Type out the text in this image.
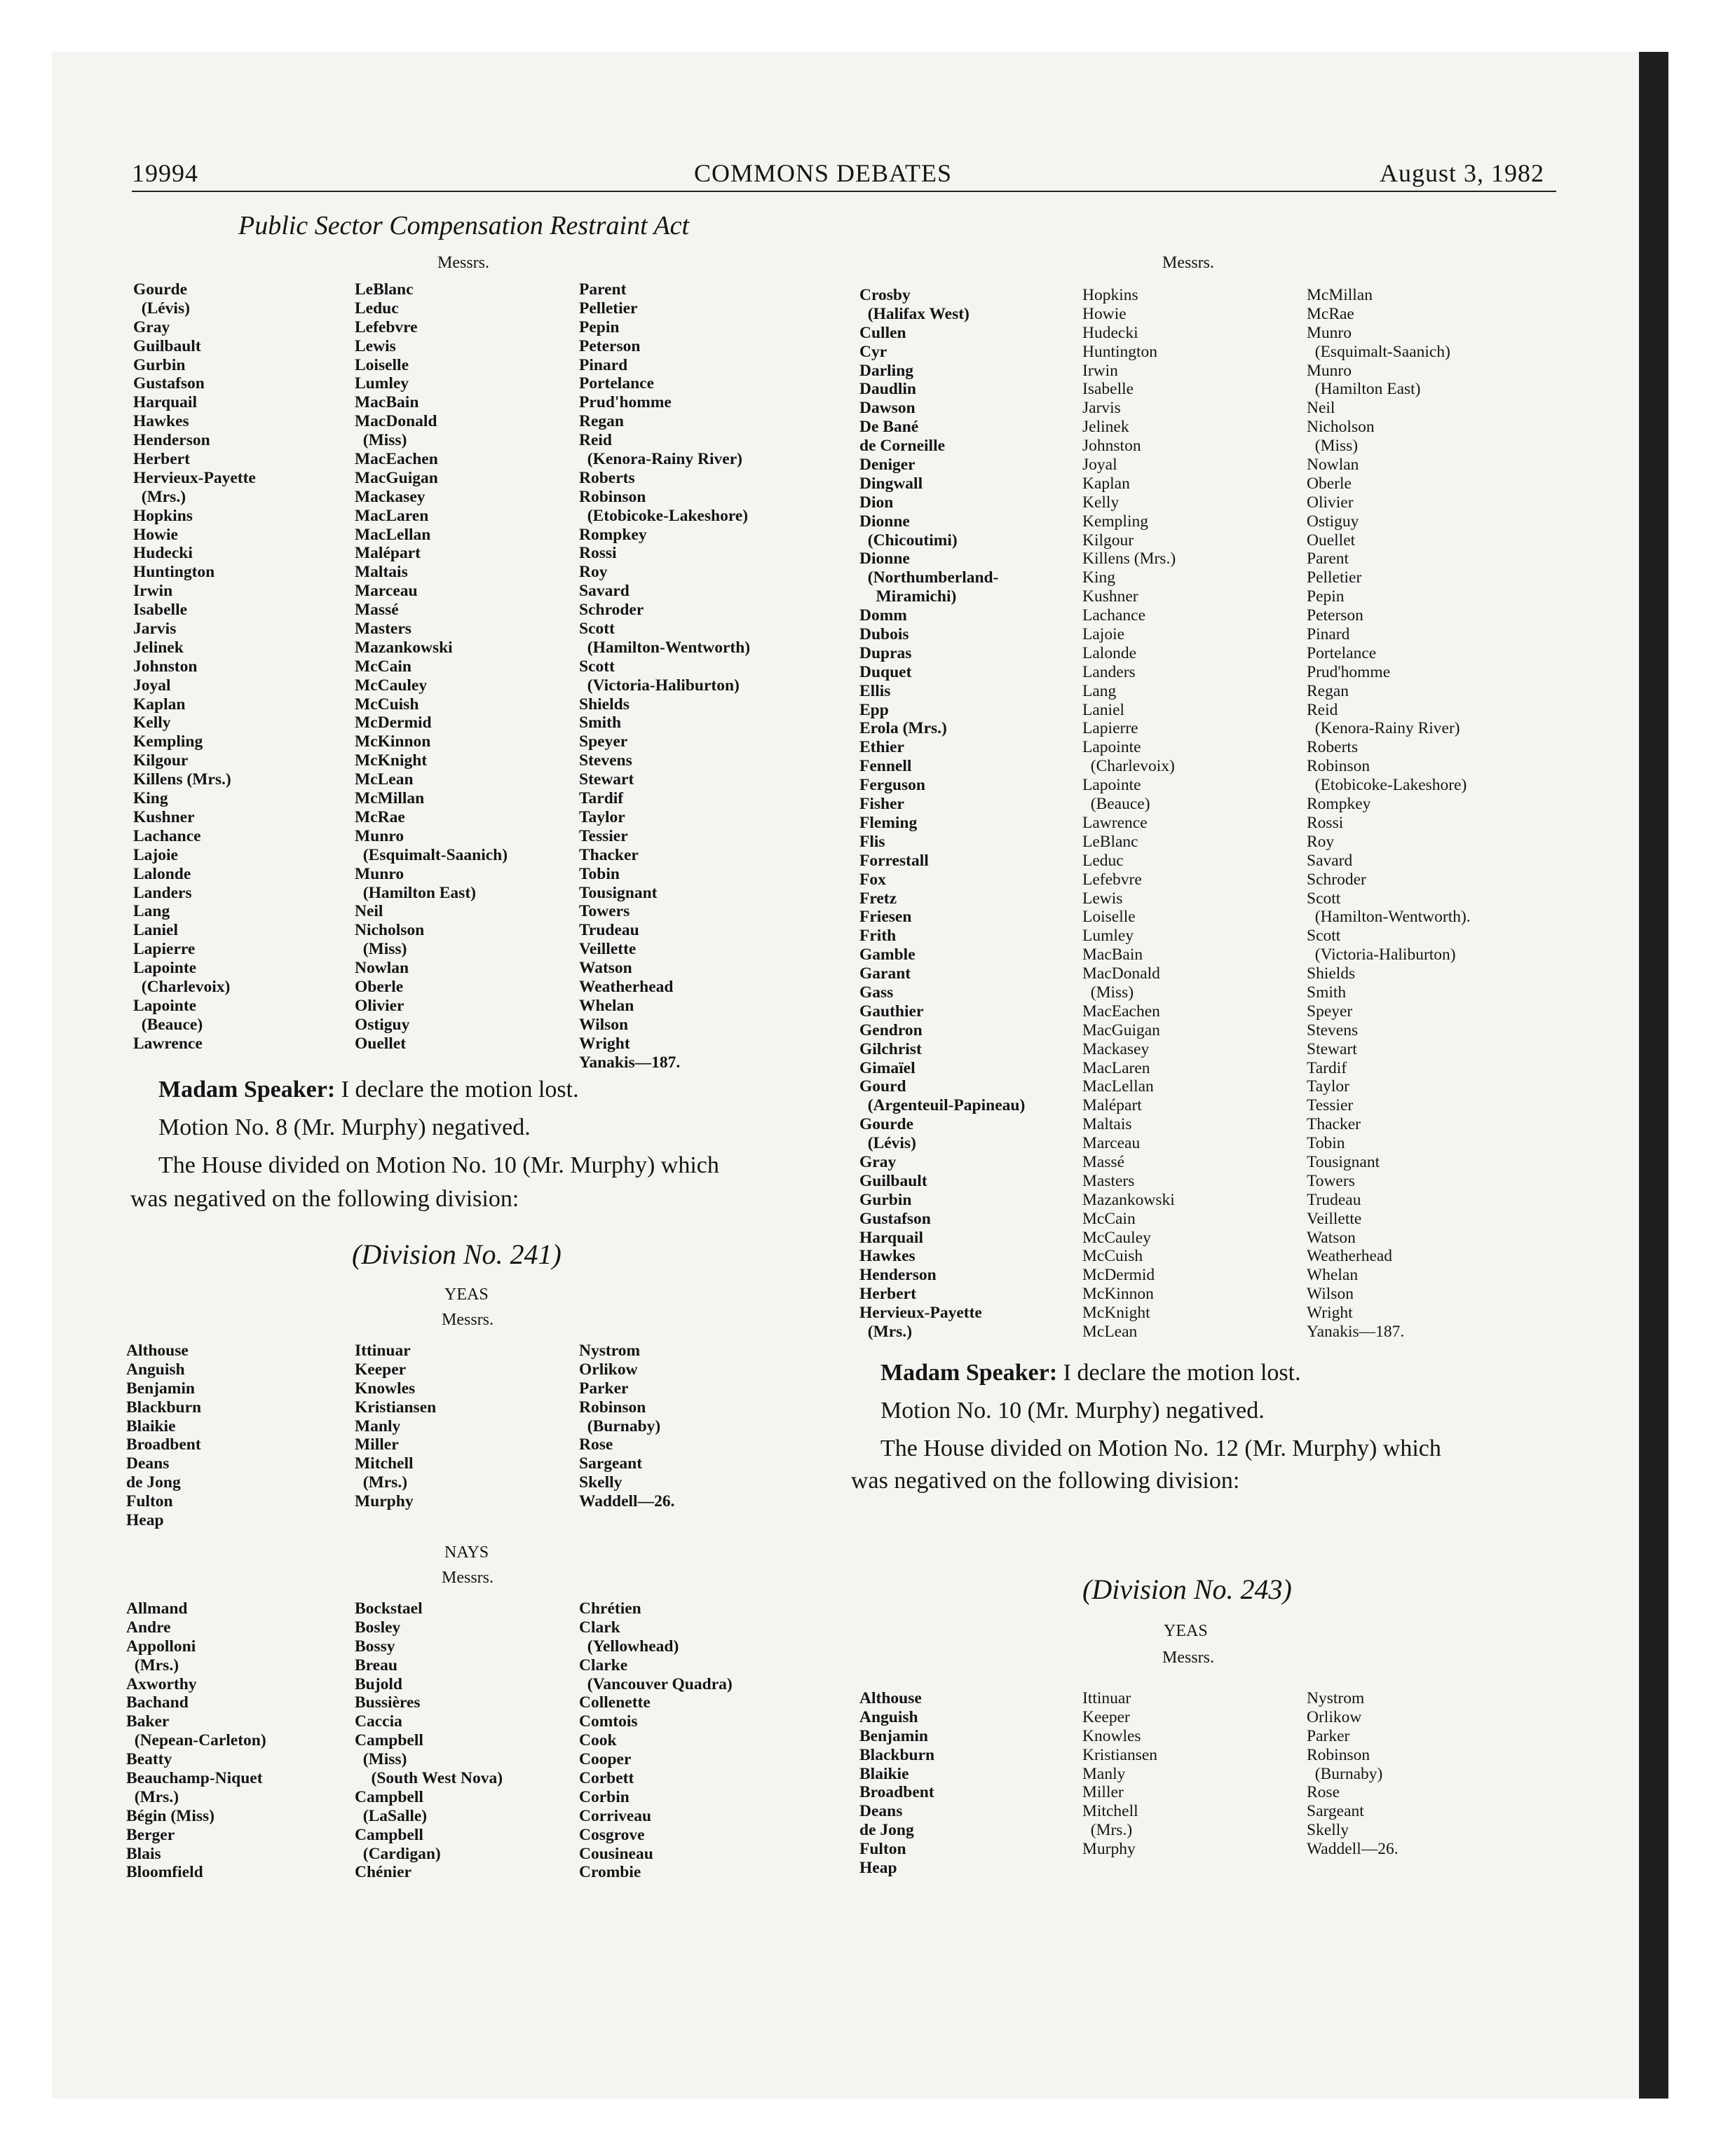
19994	COMMONS DEBATES	August 3, 1982
Public Sector Compensation Restraint Act
Messrs.
Gourde
(Lévis)
Gray
Guilbault
Gurbin
Gustafson
Harquail
Hawkes
Henderson
Herbert
Hervieux-Payette
(Mrs.)
Hopkins
Howie
Hudecki
Huntington
Irwin
Isabelle
Jarvis
Jelinek
Johnston
Joyal
Kaplan
Kelly
Kempling
Kilgour
Killens (Mrs.)
King
Kushner
Lachance
Lajoie
Lalonde
Landers
Lang
Laniel
Lapierre
Lapointe
(Charlevoix)
Lapointe
(Beauce)
Lawrence
LeBlanc
Leduc
Lefebvre
Lewis
Loiselle
Lumley
MacBain
MacDonald
(Miss)
MacEachen
MacGuigan
Mackasey
MacLaren
MacLellan
Malépart
Maltais
Marceau
Massé
Masters
Mazankowski
McCain
McCauley
McCuish
McDermid
McKinnon
McKnight
McLean
McMillan
McRae
Munro
(Esquimalt-Saanich)
Munro
(Hamilton East)
Neil
Nicholson
(Miss)
Nowlan
Oberle
Olivier
Ostiguy
Ouellet
Parent
Pelletier
Pepin
Peterson
Pinard
Portelance
Prud'homme
Regan
Reid
(Kenora-Rainy River)
Roberts
Robinson
(Etobicoke-Lakeshore)
Rompkey
Rossi
Roy
Savard
Schroder
Scott
(Hamilton-Wentworth)
Scott
(Victoria-Haliburton)
Shields
Smith
Speyer
Stevens
Stewart
Tardif
Taylor
Tessier
Thacker
Tobin
Tousignant
Towers
Trudeau
Veillette
Watson
Weatherhead
Whelan
Wilson
Wright
Yanakis—187.
Madam Speaker: I declare the motion lost.
Motion No. 8 (Mr. Murphy) negatived.
The House divided on Motion No. 10 (Mr. Murphy) which
was negatived on the following division:
(Division No. 241)
YEAS
Messrs.
Althouse
Anguish
Benjamin
Blackburn
Blaikie
Broadbent
Deans
de Jong
Fulton
Heap
Ittinuar
Keeper
Knowles
Kristiansen
Manly
Miller
Mitchell
(Mrs.)
Murphy
Nystrom
Orlikow
Parker
Robinson
(Burnaby)
Rose
Sargeant
Skelly
Waddell—26.
NAYS
Messrs.
Allmand
Andre
Appolloni
(Mrs.)
Axworthy
Bachand
Baker
(Nepean-Carleton)
Beatty
Beauchamp-Niquet
(Mrs.)
Bégin (Miss)
Berger
Blais
Bloomfield
Bockstael
Bosley
Bossy
Breau
Bujold
Bussières
Caccia
Campbell
(Miss)
(South West Nova)
Campbell
(LaSalle)
Campbell
(Cardigan)
Chénier
Chrétien
Clark
(Yellowhead)
Clarke
(Vancouver Quadra)
Collenette
Comtois
Cook
Cooper
Corbett
Corbin
Corriveau
Cosgrove
Cousineau
Crombie
Messrs.
Crosby
(Halifax West)
Cullen
Cyr
Darling
Daudlin
Dawson
De Bané
de Corneille
Deniger
Dingwall
Dion
Dionne
(Chicoutimi)
Dionne
(Northumberland-
Miramichi)
Domm
Dubois
Dupras
Duquet
Ellis
Epp
Erola (Mrs.)
Ethier
Fennell
Ferguson
Fisher
Fleming
Flis
Forrestall
Fox
Fretz
Friesen
Frith
Gamble
Garant
Gass
Gauthier
Gendron
Gilchrist
Gimaïel
Gourd
(Argenteuil-Papineau)
Gourde
(Lévis)
Gray
Guilbault
Gurbin
Gustafson
Harquail
Hawkes
Henderson
Herbert
Hervieux-Payette
(Mrs.)
Hopkins
Howie
Hudecki
Huntington
Irwin
Isabelle
Jarvis
Jelinek
Johnston
Joyal
Kaplan
Kelly
Kempling
Kilgour
Killens (Mrs.)
King
Kushner
Lachance
Lajoie
Lalonde
Landers
Lang
Laniel
Lapierre
Lapointe
(Charlevoix)
Lapointe
(Beauce)
Lawrence
LeBlanc
Leduc
Lefebvre
Lewis
Loiselle
Lumley
MacBain
MacDonald
(Miss)
MacEachen
MacGuigan
Mackasey
MacLaren
MacLellan
Malépart
Maltais
Marceau
Massé
Masters
Mazankowski
McCain
McCauley
McCuish
McDermid
McKinnon
McKnight
McLean
McMillan
McRae
Munro
(Esquimalt-Saanich)
Munro
(Hamilton East)
Neil
Nicholson
(Miss)
Nowlan
Oberle
Olivier
Ostiguy
Ouellet
Parent
Pelletier
Pepin
Peterson
Pinard
Portelance
Prud'homme
Regan
Reid
(Kenora-Rainy River)
Roberts
Robinson
(Etobicoke-Lakeshore)
Rompkey
Rossi
Roy
Savard
Schroder
Scott
(Hamilton-Wentworth).
Scott
(Victoria-Haliburton)
Shields
Smith
Speyer
Stevens
Stewart
Tardif
Taylor
Tessier
Thacker
Tobin
Tousignant
Towers
Trudeau
Veillette
Watson
Weatherhead
Whelan
Wilson
Wright
Yanakis—187.
Madam Speaker: I declare the motion lost.
Motion No. 10 (Mr. Murphy) negatived.
The House divided on Motion No. 12 (Mr. Murphy) which
was negatived on the following division:
(Division No. 243)
YEAS
Messrs.
Althouse
Anguish
Benjamin
Blackburn
Blaikie
Broadbent
Deans
de Jong
Fulton
Heap
Ittinuar
Keeper
Knowles
Kristiansen
Manly
Miller
Mitchell
(Mrs.)
Murphy
Nystrom
Orlikow
Parker
Robinson
(Burnaby)
Rose
Sargeant
Skelly
Waddell—26.
